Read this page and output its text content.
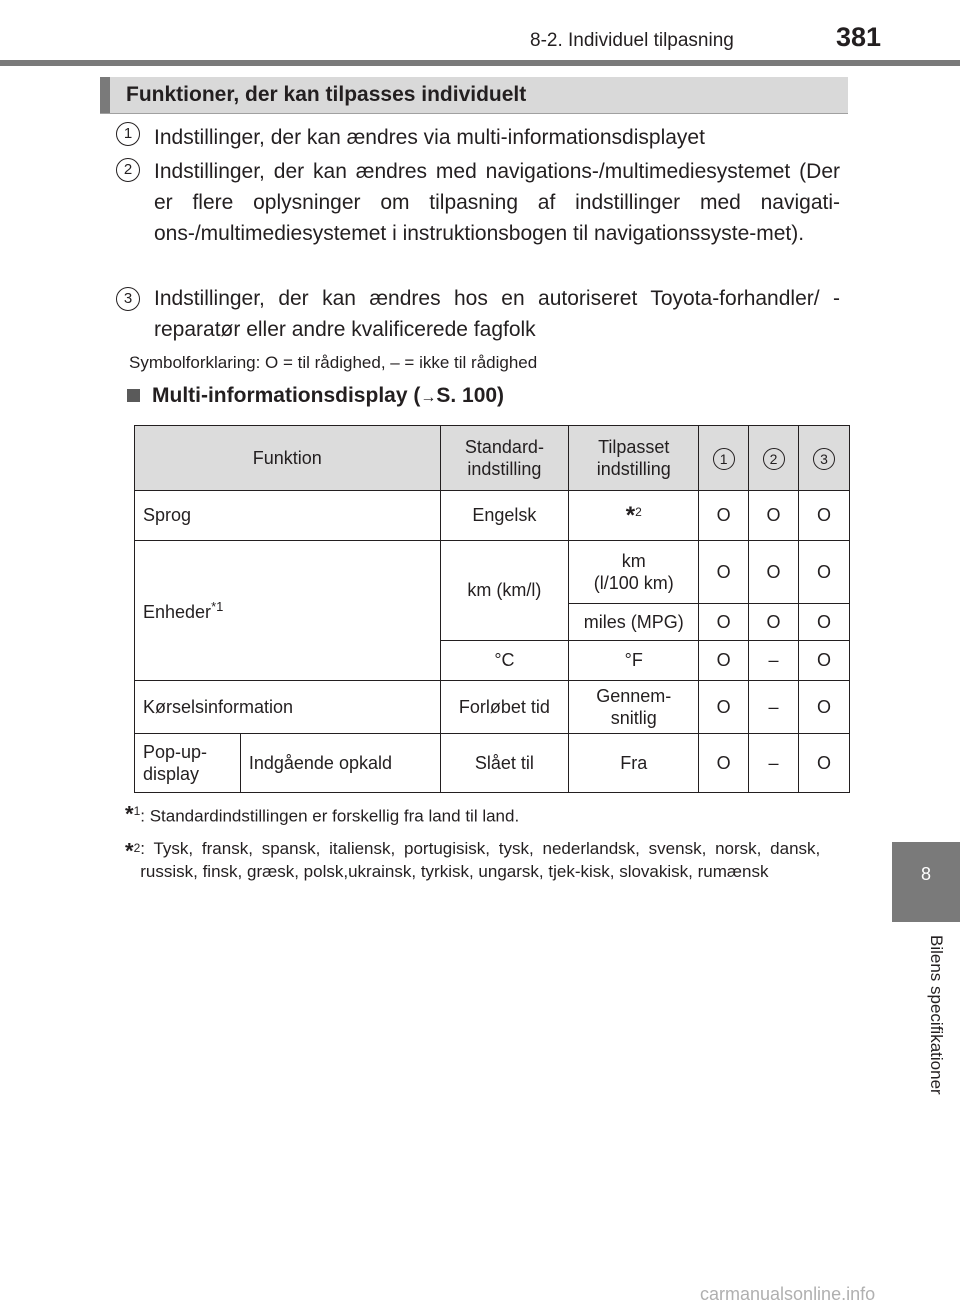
8-2. Individuel tilpasning	381
8
Bilens specifikationer
Funktioner, der kan tilpasses individuelt
1	Indstillinger, der kan ændres via multi-informationsdisplayet
2	Indstillinger, der kan ændres med navigations-/multimediesystemet (Der er flere oplysninger om tilpasning af indstillinger med navigati-ons-/multimediesystemet i instruktionsbogen til navigationssyste-met).
3	Indstillinger, der kan ændres hos en autoriseret Toyota-forhandler/ -reparatør eller andre kvalificerede fagfolk
Symbolforklaring: O = til rådighed, – = ikke til rådighed
Multi-informationsdisplay (→S. 100)
Funktion		Standard-indstilling	Tilpasset indstilling	1	2	3
Sprog		Engelsk	*$^2$	O	O	O
Enheder$^{*1}$		km (km/l)	km
(l/100 km)	O	O	O
			miles (MPG)	O	O	O
		°C	°F	O	–	O
Kørselsinformation		Forløbet tid	Gennem-snitlig	O	–	O
Pop-up-display	Indgående opkald	Slået til	Fra	O	–	O
*$^1$: Standardindstillingen er forskellig fra land til land.
*$^2$: Tysk, fransk, spansk, italiensk, portugisisk, tysk, nederlandsk, svensk, norsk, dansk, russisk, finsk, græsk, polsk,ukrainsk, tyrkisk, ungarsk, tjek-kisk, slovakisk, rumænsk
carmanualsonline.info
